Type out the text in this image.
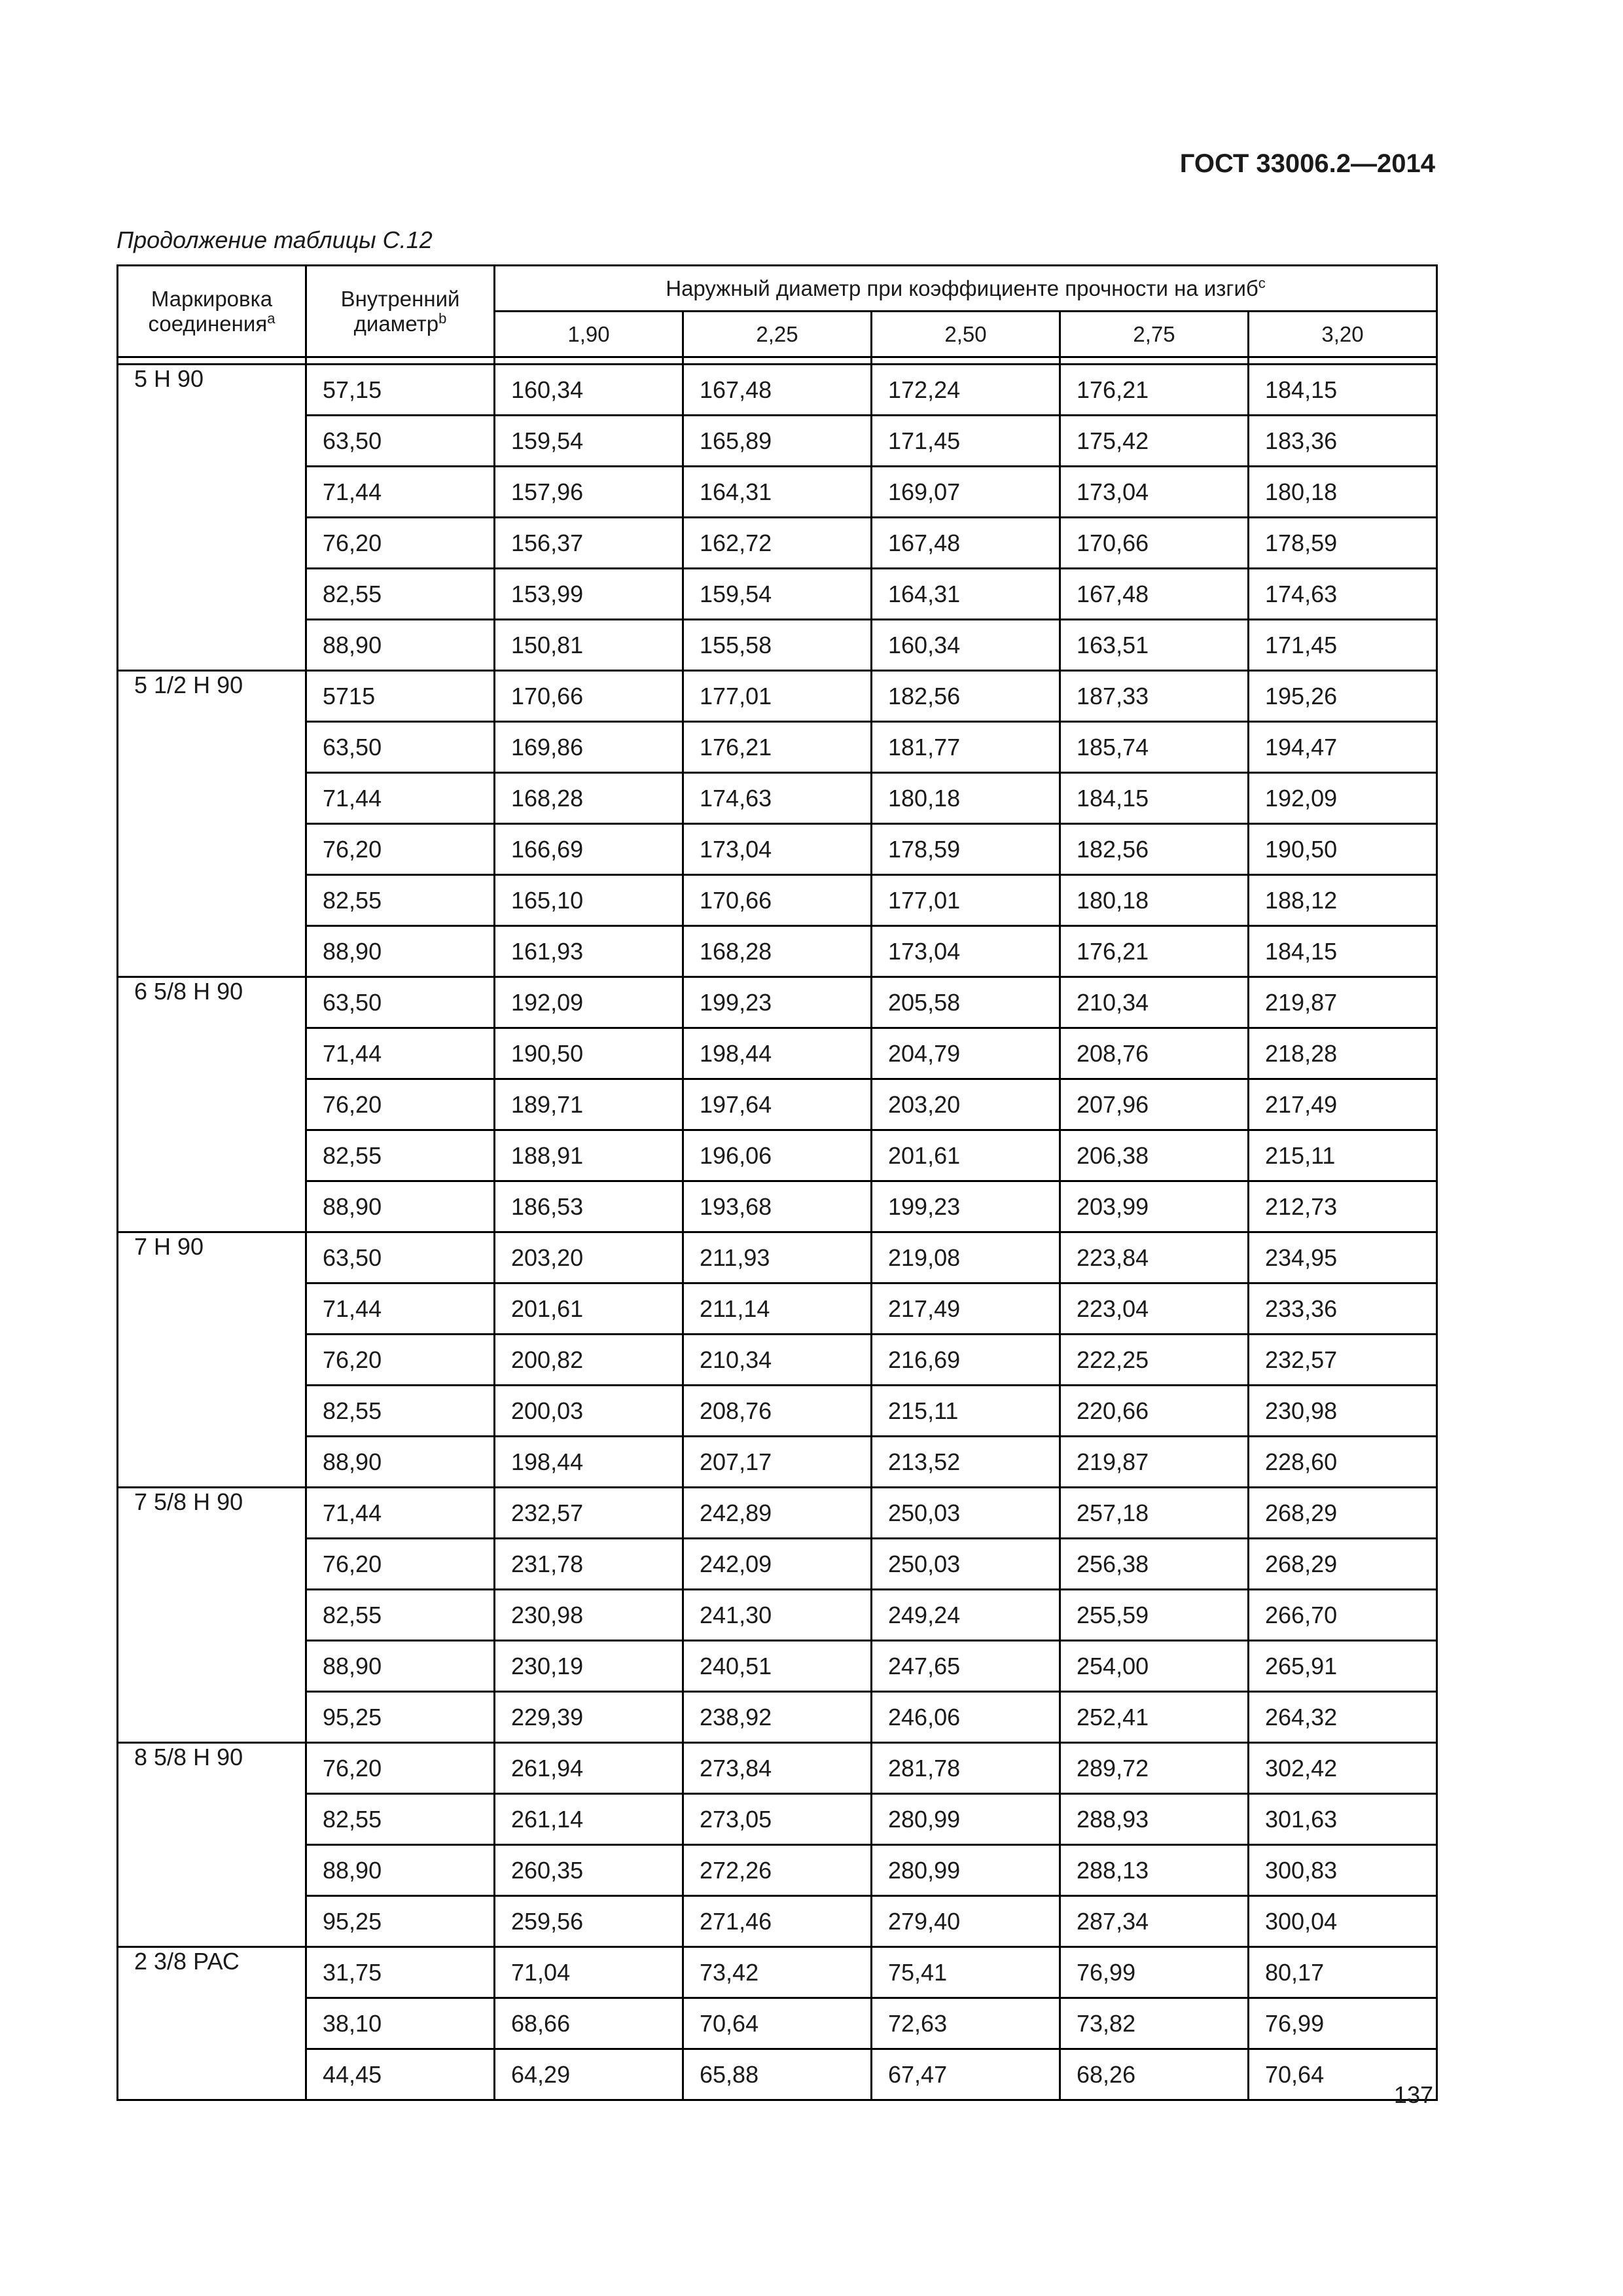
ГОСТ 33006.2—2014
Продолжение таблицы С.12
Маркировка соединения$^a$	Внутренний диаметр$^b$	Наружный диаметр при коэффициенте прочности на изгиб$^c$
		1,90	2,25	2,50	2,75	3,20

5 Н 90	57,15	160,34	167,48	172,24	176,21	184,15
	63,50	159,54	165,89	171,45	175,42	183,36
	71,44	157,96	164,31	169,07	173,04	180,18
	76,20	156,37	162,72	167,48	170,66	178,59
	82,55	153,99	159,54	164,31	167,48	174,63
	88,90	150,81	155,58	160,34	163,51	171,45
5 1/2 Н 90	5715	170,66	177,01	182,56	187,33	195,26
	63,50	169,86	176,21	181,77	185,74	194,47
	71,44	168,28	174,63	180,18	184,15	192,09
	76,20	166,69	173,04	178,59	182,56	190,50
	82,55	165,10	170,66	177,01	180,18	188,12
	88,90	161,93	168,28	173,04	176,21	184,15
6 5/8 Н 90	63,50	192,09	199,23	205,58	210,34	219,87
	71,44	190,50	198,44	204,79	208,76	218,28
	76,20	189,71	197,64	203,20	207,96	217,49
	82,55	188,91	196,06	201,61	206,38	215,11
	88,90	186,53	193,68	199,23	203,99	212,73
7 Н 90	63,50	203,20	211,93	219,08	223,84	234,95
	71,44	201,61	211,14	217,49	223,04	233,36
	76,20	200,82	210,34	216,69	222,25	232,57
	82,55	200,03	208,76	215,11	220,66	230,98
	88,90	198,44	207,17	213,52	219,87	228,60
7 5/8 Н 90	71,44	232,57	242,89	250,03	257,18	268,29
	76,20	231,78	242,09	250,03	256,38	268,29
	82,55	230,98	241,30	249,24	255,59	266,70
	88,90	230,19	240,51	247,65	254,00	265,91
	95,25	229,39	238,92	246,06	252,41	264,32
8 5/8 Н 90	76,20	261,94	273,84	281,78	289,72	302,42
	82,55	261,14	273,05	280,99	288,93	301,63
	88,90	260,35	272,26	280,99	288,13	300,83
	95,25	259,56	271,46	279,40	287,34	300,04
2 3/8 РАС	31,75	71,04	73,42	75,41	76,99	80,17
	38,10	68,66	70,64	72,63	73,82	76,99
	44,45	64,29	65,88	67,47	68,26	70,64
137
